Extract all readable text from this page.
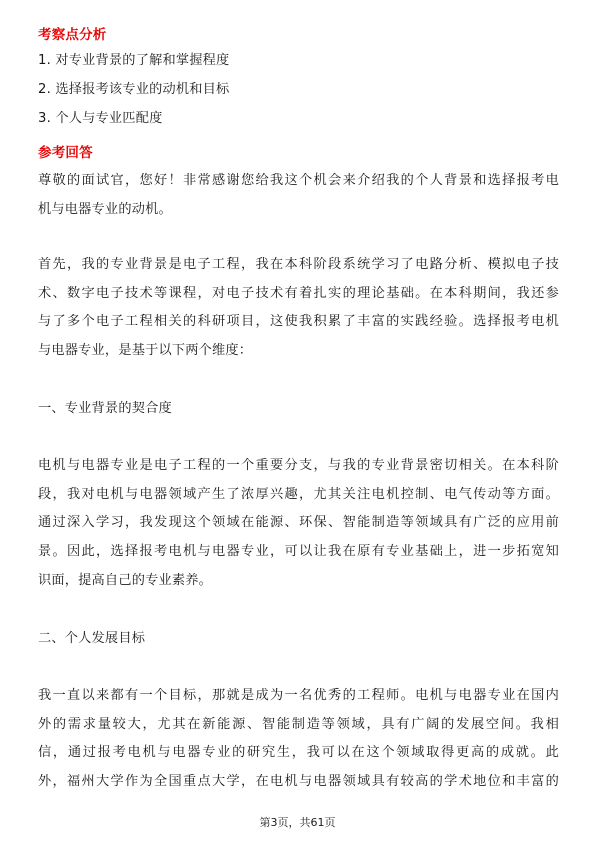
考察点分析
1. 对专业背景的了解和掌握程度
2. 选择报考该专业的动机和目标
3. 个人与专业匹配度
参考回答
尊敬的面试官，您好！非常感谢您给我这个机会来介绍我的个人背景和选择报考电
机与电器专业的动机。
首先，我的专业背景是电子工程，我在本科阶段系统学习了电路分析、模拟电子技
术、数字电子技术等课程，对电子技术有着扎实的理论基础。在本科期间，我还参
与了多个电子工程相关的科研项目，这使我积累了丰富的实践经验。选择报考电机
与电器专业，是基于以下两个维度：
一、专业背景的契合度
电机与电器专业是电子工程的一个重要分支，与我的专业背景密切相关。在本科阶
段，我对电机与电器领域产生了浓厚兴趣，尤其关注电机控制、电气传动等方面。
通过深入学习，我发现这个领域在能源、环保、智能制造等领域具有广泛的应用前
景。因此，选择报考电机与电器专业，可以让我在原有专业基础上，进一步拓宽知
识面，提高自己的专业素养。
二、个人发展目标
我一直以来都有一个目标，那就是成为一名优秀的工程师。电机与电器专业在国内
外的需求量较大，尤其在新能源、智能制造等领域，具有广阔的发展空间。我相
信，通过报考电机与电器专业的研究生，我可以在这个领域取得更高的成就。此
外，福州大学作为全国重点大学，在电机与电器领域具有较高的学术地位和丰富的
第3页，共61页
